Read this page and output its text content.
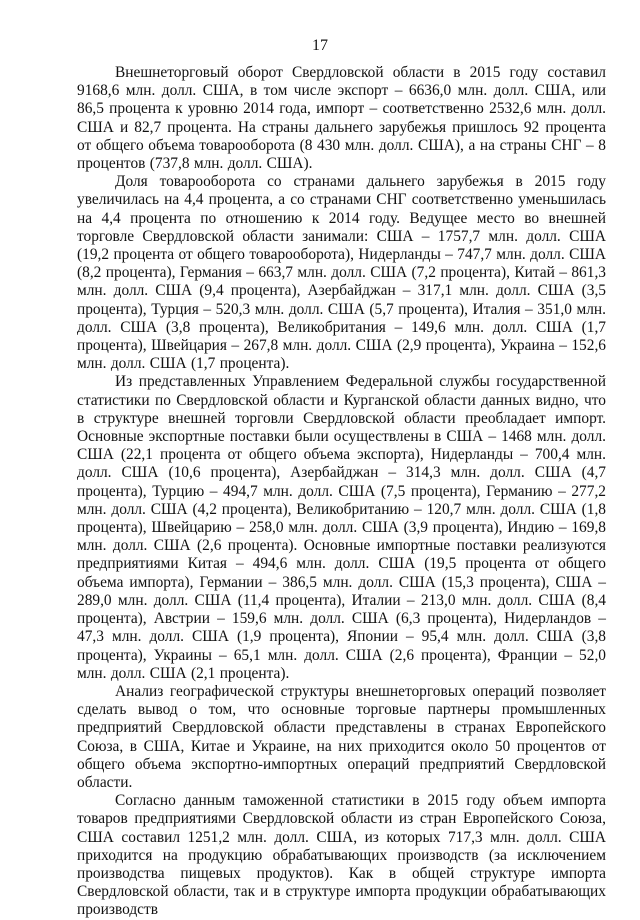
17

Внешнеторговый оборот Свердловской области в 2015 году составил 9168,6 млн. долл. США, в том числе экспорт – 6636,0 млн. долл. США, или 86,5 процента к уровню 2014 года, импорт – соответственно 2532,6 млн. долл. США и 82,7 процента. На страны дальнего зарубежья пришлось 92 процента от общего объема товарооборота (8 430 млн. долл. США), а на страны СНГ – 8 процентов (737,8 млн. долл. США).

Доля товарооборота со странами дальнего зарубежья в 2015 году увеличилась на 4,4 процента, а со странами СНГ соответственно уменьшилась на 4,4 процента по отношению к 2014 году. Ведущее место во внешней торговле Свердловской области занимали: США – 1757,7 млн. долл. США (19,2 процента от общего товарооборота), Нидерланды – 747,7 млн. долл. США (8,2 процента), Германия – 663,7 млн. долл. США (7,2 процента), Китай – 861,3 млн. долл. США (9,4 процента), Азербайджан – 317,1 млн. долл. США (3,5 процента), Турция – 520,3 млн. долл. США (5,7 процента), Италия – 351,0 млн. долл. США (3,8 процента), Великобритания – 149,6 млн. долл. США (1,7 процента), Швейцария – 267,8 млн. долл. США (2,9 процента), Украина – 152,6 млн. долл. США (1,7 процента).

Из представленных Управлением Федеральной службы государственной статистики по Свердловской области и Курганской области данных видно, что в структуре внешней торговли Свердловской области преобладает импорт. Основные экспортные поставки были осуществлены в США – 1468 млн. долл. США (22,1 процента от общего объема экспорта), Нидерланды – 700,4 млн. долл. США (10,6 процента), Азербайджан – 314,3 млн. долл. США (4,7 процента), Турцию – 494,7 млн. долл. США (7,5 процента), Германию – 277,2 млн. долл. США (4,2 процента), Великобританию – 120,7 млн. долл. США (1,8 процента), Швейцарию – 258,0 млн. долл. США (3,9 процента), Индию – 169,8 млн. долл. США (2,6 процента). Основные импортные поставки реализуются предприятиями Китая – 494,6 млн. долл. США (19,5 процента от общего объема импорта), Германии – 386,5 млн. долл. США (15,3 процента), США – 289,0 млн. долл. США (11,4 процента), Италии – 213,0 млн. долл. США (8,4 процента), Австрии – 159,6 млн. долл. США (6,3 процента), Нидерландов – 47,3 млн. долл. США (1,9 процента), Японии – 95,4 млн. долл. США (3,8 процента), Украины – 65,1 млн. долл. США (2,6 процента), Франции – 52,0 млн. долл. США (2,1 процента).

Анализ географической структуры внешнеторговых операций позволяет сделать вывод о том, что основные торговые партнеры промышленных предприятий Свердловской области представлены в странах Европейского Союза, в США, Китае и Украине, на них приходится около 50 процентов от общего объема экспортно-импортных операций предприятий Свердловской области.

Согласно данным таможенной статистики в 2015 году объем импорта товаров предприятиями Свердловской области из стран Европейского Союза, США составил 1251,2 млн. долл. США, из которых 717,3 млн. долл. США приходится на продукцию обрабатывающих производств (за исключением производства пищевых продуктов). Как в общей структуре импорта Свердловской области, так и в структуре импорта продукции обрабатывающих производств
